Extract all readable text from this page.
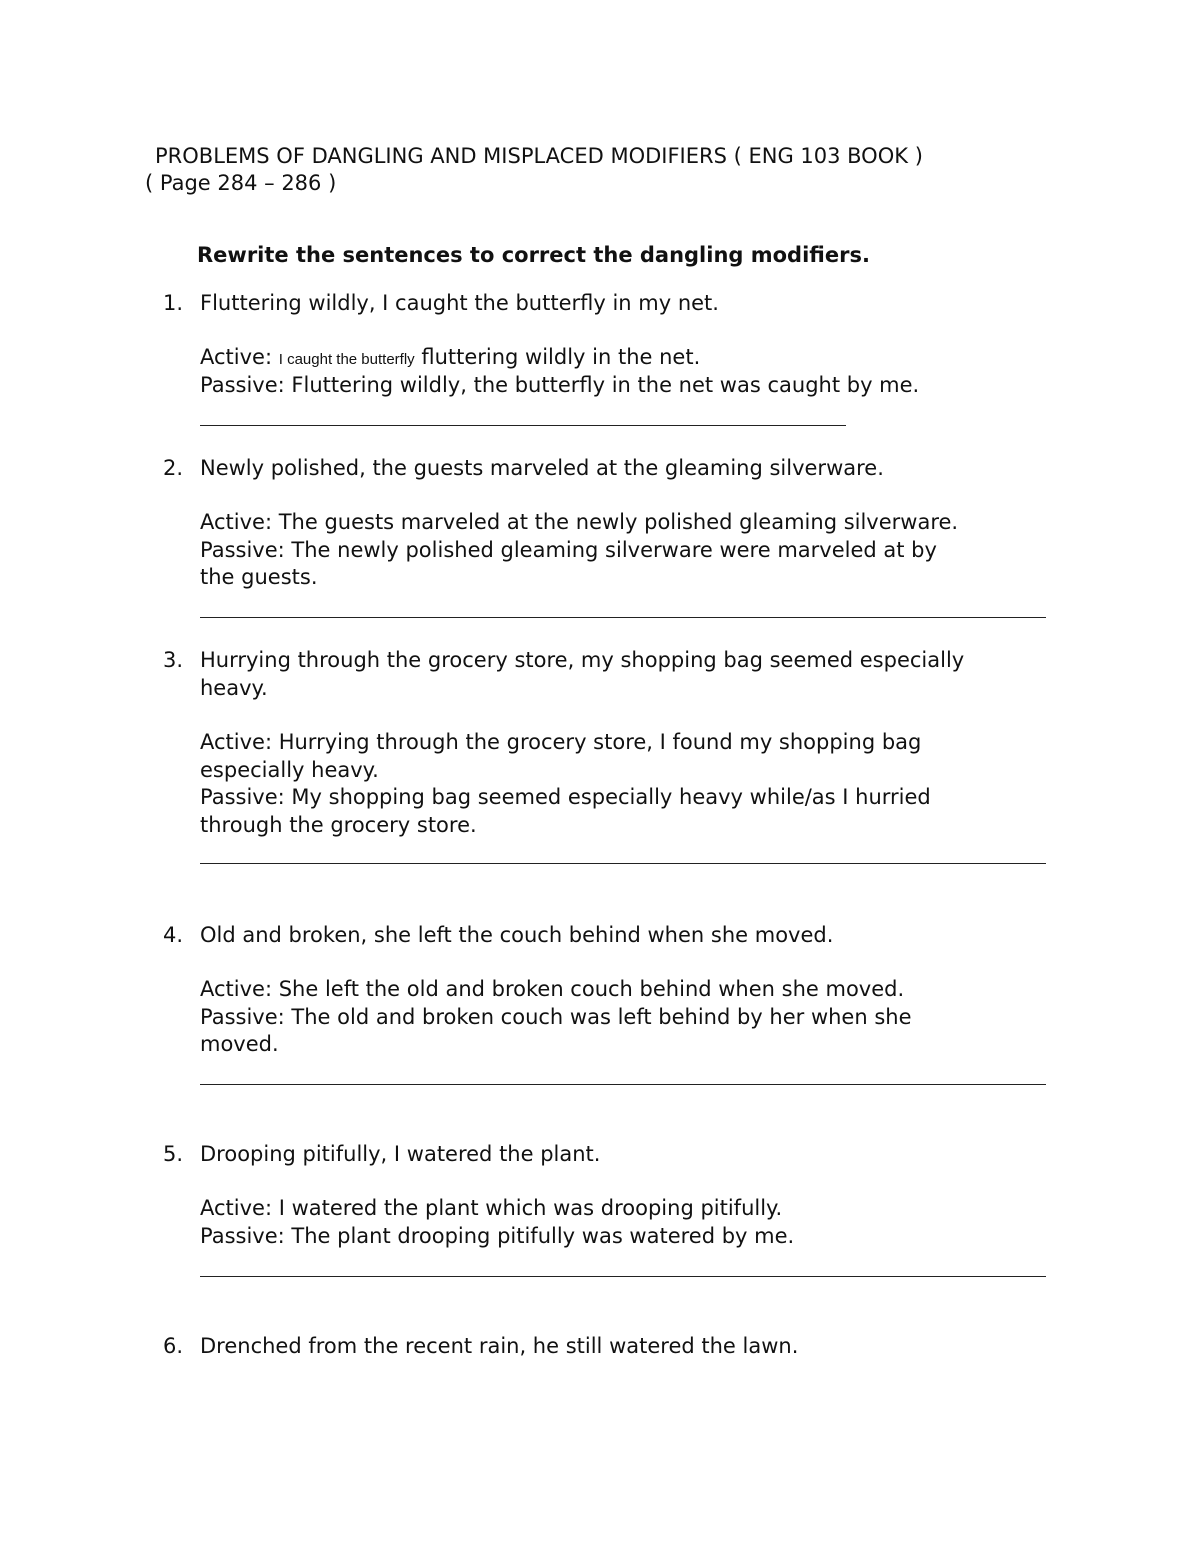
PROBLEMS OF DANGLING AND MISPLACED MODIFIERS ( ENG 103 BOOK )
( Page 284 – 286 )
Rewrite the sentences to correct the dangling modifiers.
1. Fluttering wildly, I caught the butterfly in my net.
Active: I caught the butterfly fluttering wildly in the net.
Passive: Fluttering wildly, the butterfly in the net was caught by me.
2. Newly polished, the guests marveled at the gleaming silverware.
Active: The guests marveled at the newly polished gleaming silverware.
Passive: The newly polished gleaming silverware were marveled at by
the guests.
3. Hurrying through the grocery store, my shopping bag seemed especially
heavy.
Active: Hurrying through the grocery store, I found my shopping bag
especially heavy.
Passive: My shopping bag seemed especially heavy while/as I hurried
through the grocery store.
4. Old and broken, she left the couch behind when she moved.
Active: She left the old and broken couch behind when she moved.
Passive: The old and broken couch was left behind by her when she
moved.
5. Drooping pitifully, I watered the plant.
Active: I watered the plant which was drooping pitifully.
Passive: The plant drooping pitifully was watered by me.
6. Drenched from the recent rain, he still watered the lawn.
